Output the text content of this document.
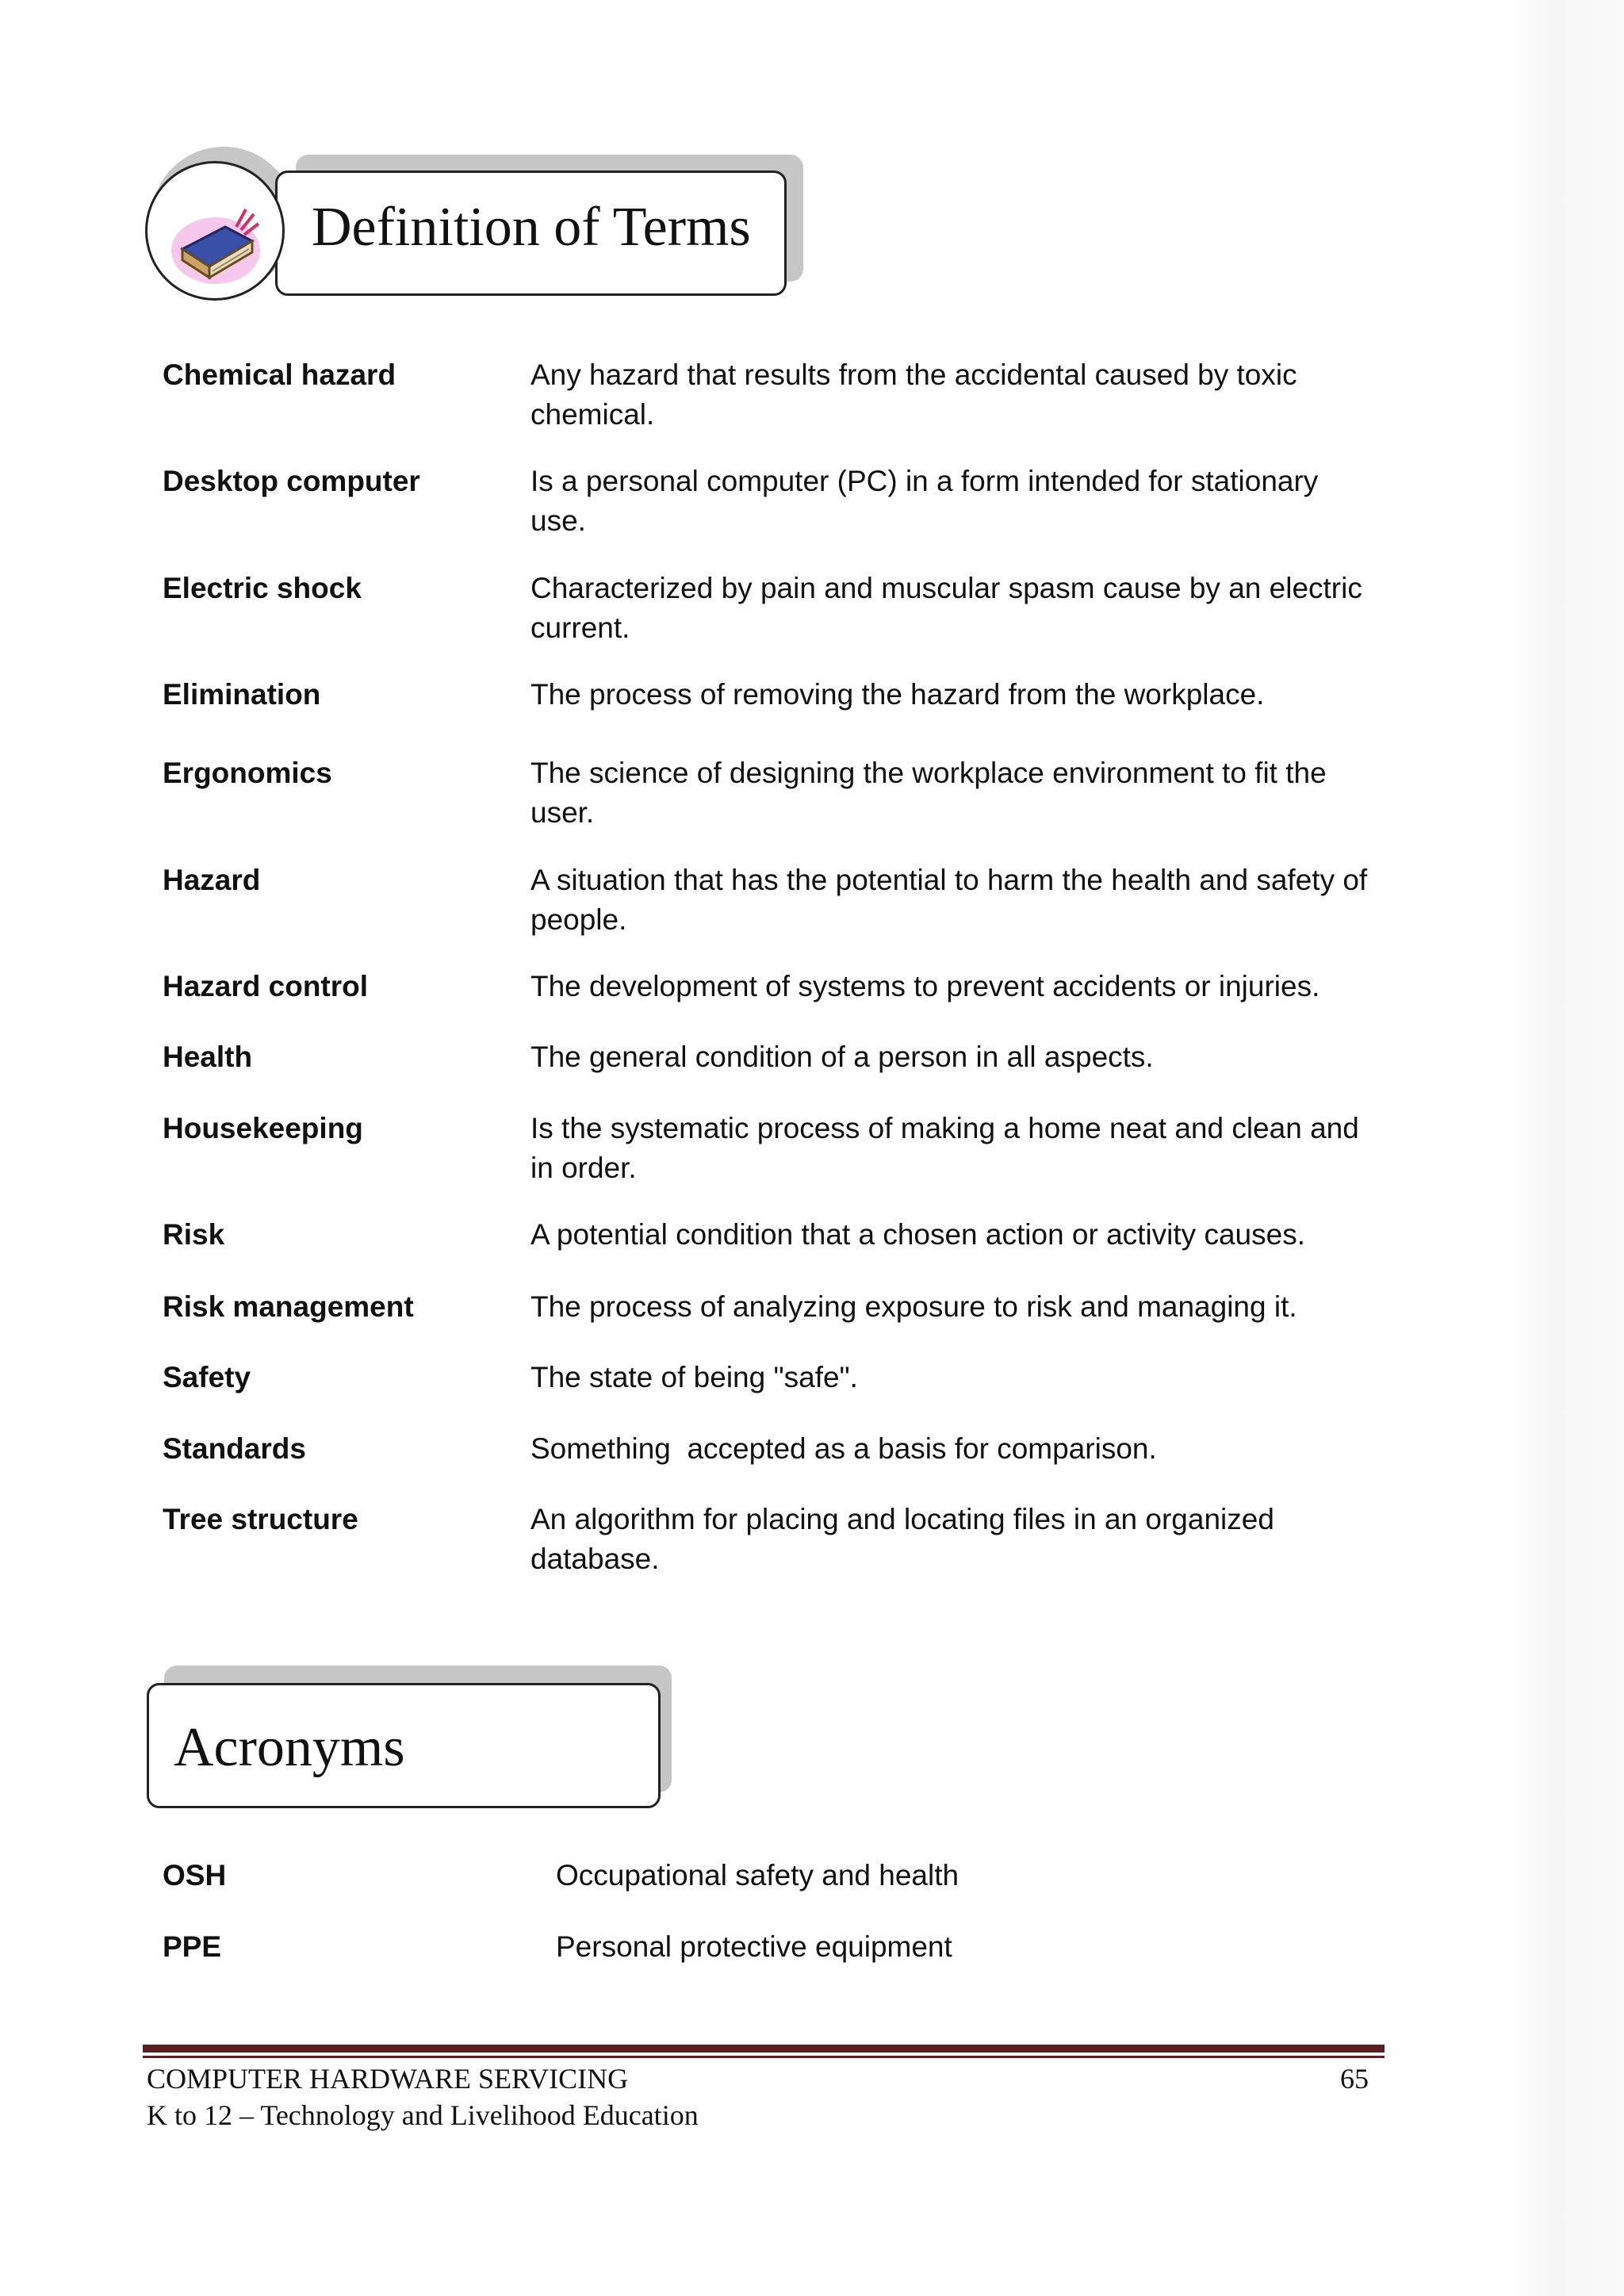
Definition of Terms
Chemical hazard	Any hazard that results from the accidental caused by toxic chemical.
Desktop computer	Is a personal computer (PC) in a form intended for stationary use.
Electric shock	Characterized by pain and muscular spasm cause by an electric current.
Elimination	The process of removing the hazard from the workplace.
Ergonomics	The science of designing the workplace environment to fit the user.
Hazard	A situation that has the potential to harm the health and safety of people.
Hazard control	The development of systems to prevent accidents or injuries.
Health	The general condition of a person in all aspects.
Housekeeping	Is the systematic process of making a home neat and clean and in order.
Risk	A potential condition that a chosen action or activity causes.
Risk management	The process of analyzing exposure to risk and managing it.
Safety	The state of being "safe".
Standards	Something  accepted as a basis for comparison.
Tree structure	An algorithm for placing and locating files in an organized database.
Acronyms
OSH	Occupational safety and health
PPE	Personal protective equipment
COMPUTER HARDWARE SERVICING
K to 12 – Technology and Livelihood Education
65
